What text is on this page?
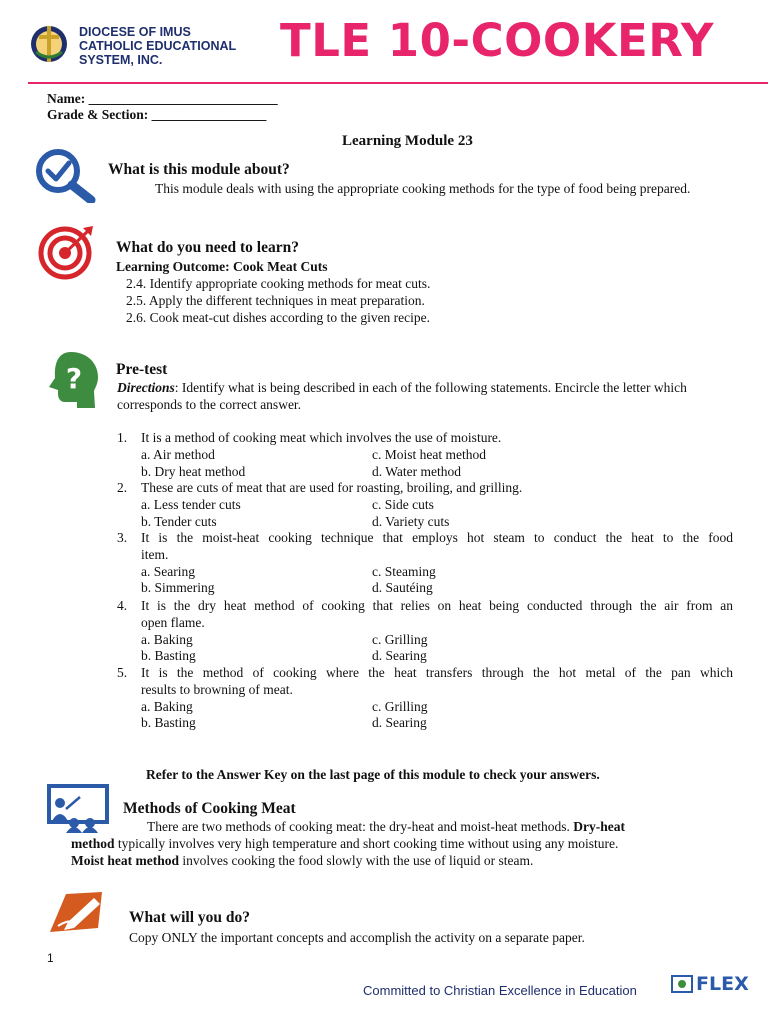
DIOCESE OF IMUS
CATHOLIC EDUCATIONAL
SYSTEM, INC.	TLE 10-COOKERY
Name: ____________________________
Grade & Section: _________________
Learning Module 23
What is this module about?
This module deals with using the appropriate cooking methods for the type of food being prepared.
What do you need to learn?
Learning Outcome: Cook Meat Cuts
2.4. Identify appropriate cooking methods for meat cuts.
2.5. Apply the different techniques in meat preparation.
2.6. Cook meat-cut dishes according to the given recipe.
? Pre-test
Directions: Identify what is being described in each of the following statements. Encircle the letter which corresponds to the correct answer.
1. It is a method of cooking meat which involves the use of moisture.
a. Air method	c. Moist heat method
b. Dry heat method	d. Water method
2. These are cuts of meat that are used for roasting, broiling, and grilling.
a. Less tender cuts	c. Side cuts
b. Tender cuts	d. Variety cuts
3. It is the moist-heat cooking technique that employs hot steam to conduct the heat to the food
item.
a. Searing	c. Steaming
b. Simmering	d. Sautéing
4. It is the dry heat method of cooking that relies on heat being conducted through the air from an
open flame.
a. Baking	c. Grilling
b. Basting	d. Searing
5. It is the method of cooking where the heat transfers through the hot metal of the pan which
results to browning of meat.
a. Baking	c. Grilling
b. Basting	d. Searing
Refer to the Answer Key on the last page of this module to check your answers.
Methods of Cooking Meat
There are two methods of cooking meat: the dry-heat and moist-heat methods. Dry-heat
method typically involves very high temperature and short cooking time without using any moisture.
Moist heat method involves cooking the food slowly with the use of liquid or steam.
What will you do?
Copy ONLY the important concepts and accomplish the activity on a separate paper.
1
Committed to Christian Excellence in Education	FLEX
